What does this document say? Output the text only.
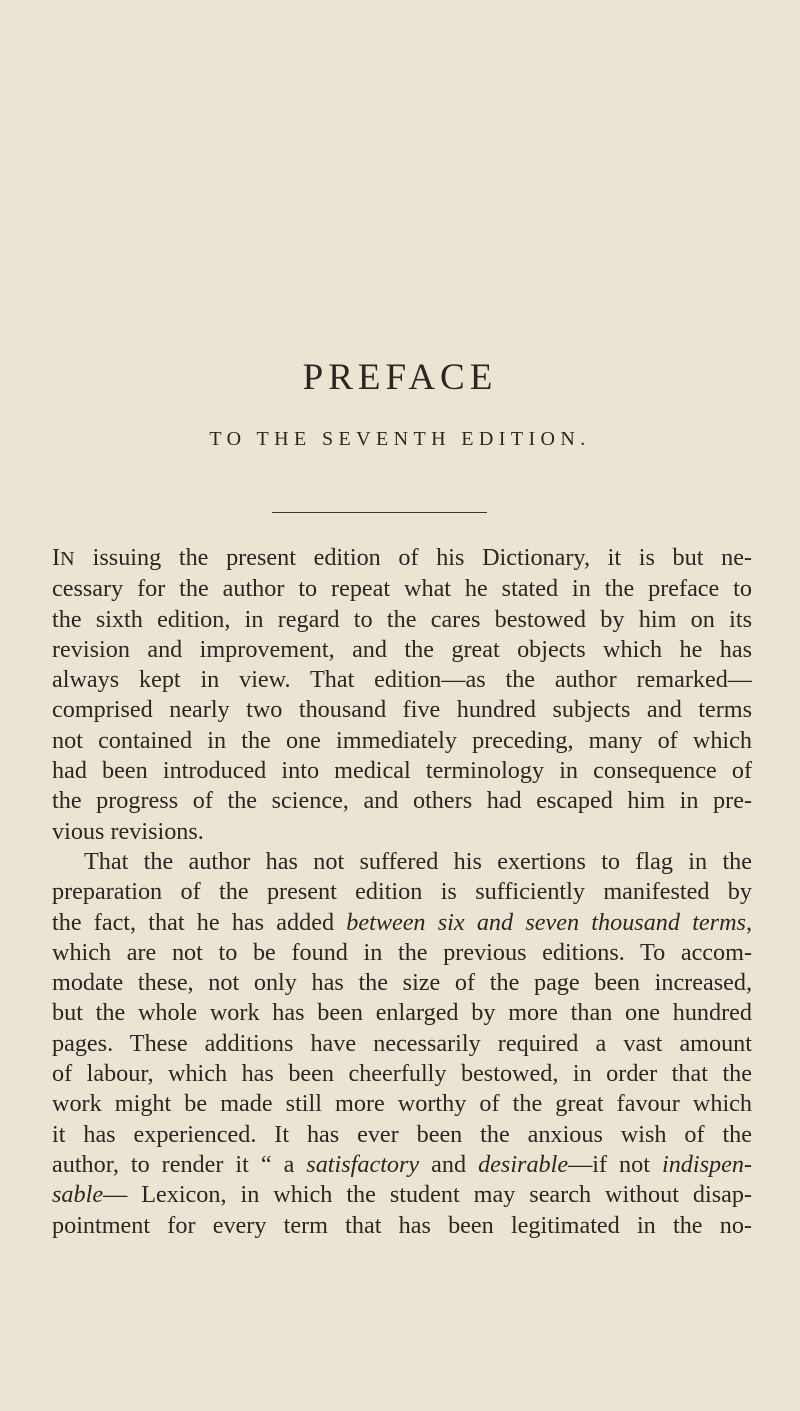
PREFACE
TO THE SEVENTH EDITION.

IN issuing the present edition of his Dictionary, it is but ne-
cessary for the author to repeat what he stated in the preface to
the sixth edition, in regard to the cares bestowed by him on its
revision and improvement, and the great objects which he has
always kept in view. That edition—as the author remarked—
comprised nearly two thousand five hundred subjects and terms
not contained in the one immediately preceding, many of which
had been introduced into medical terminology in consequence of
the progress of the science, and others had escaped him in pre-
vious revisions.

That the author has not suffered his exertions to flag in the
preparation of the present edition is sufficiently manifested by
the fact, that he has added between six and seven thousand terms,
which are not to be found in the previous editions. To accom-
modate these, not only has the size of the page been increased,
but the whole work has been enlarged by more than one hundred
pages. These additions have necessarily required a vast amount
of labour, which has been cheerfully bestowed, in order that the
work might be made still more worthy of the great favour which
it has experienced. It has ever been the anxious wish of the
author, to render it “ a satisfactory and desirable—if not indispen-
sable— Lexicon, in which the student may search without disap-
pointment for every term that has been legitimated in the no-
